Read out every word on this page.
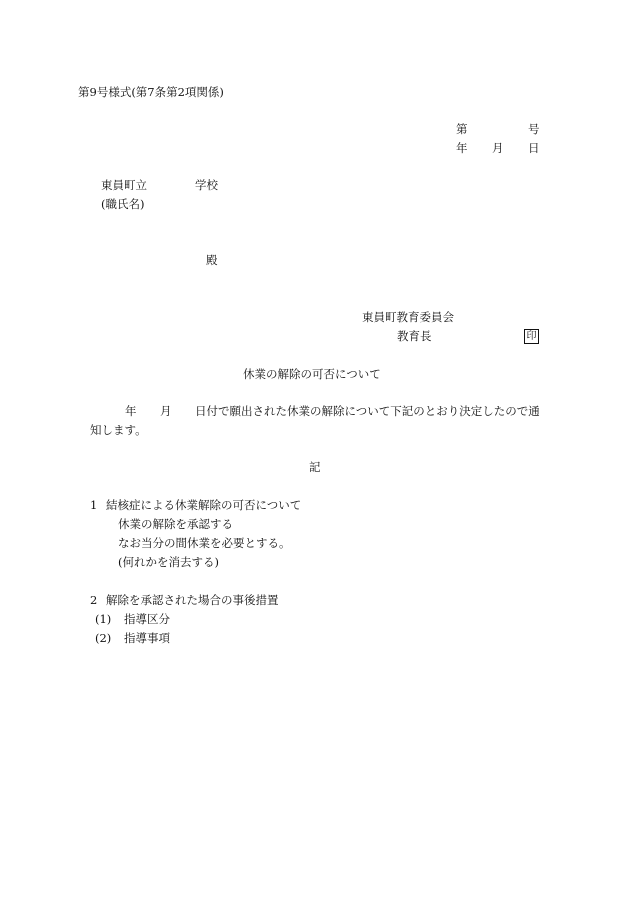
第9号様式(第7条第2項関係)
第	号
年 月 日
東員町立	学校
(職氏名)
殿
東員町教育委員会
教育長	印
休業の解除の可否について
年 月 日付で願出された休業の解除について下記のとおり決定したので通
知します。
記
1 結核症による休業解除の可否について
休業の解除を承認する
なお当分の間休業を必要とする。
(何れかを消去する)
2 解除を承認された場合の事後措置
(1) 指導区分
(2) 指導事項
